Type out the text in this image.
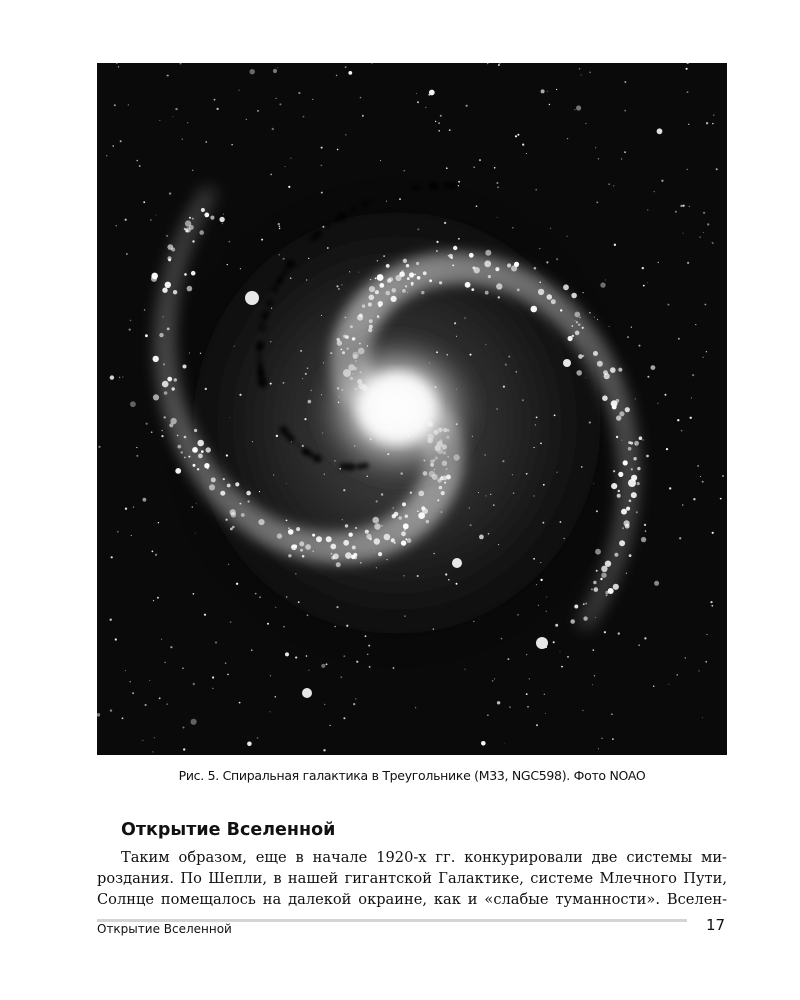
Рис. 5. Спиральная галактика в Треугольнике (М33, NGC598). Фото NOAO
Открытие Вселенной
Таким образом, еще в начале 1920-х гг. конкурировали две системы ми-
роздания. По Шепли, в нашей гигантской Галактике, системе Млечного Пути,
Солнце помещалось на далекой окраине, как и «слабые туманности». Вселен-
Открытие Вселенной	17
